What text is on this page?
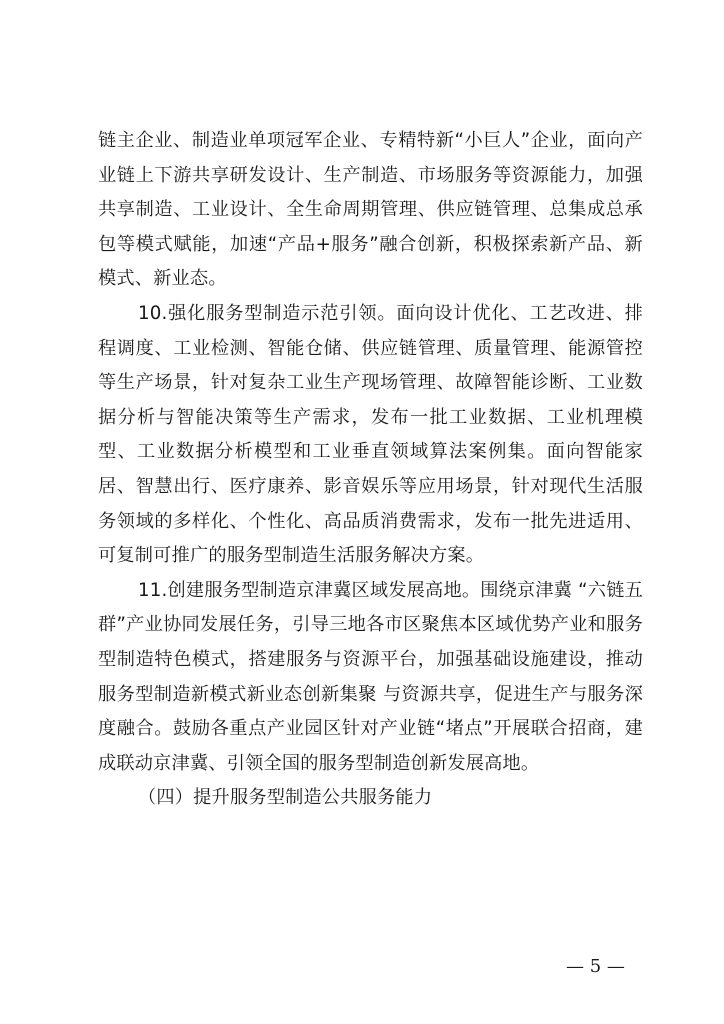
链主企业、制造业单项冠军企业、专精特新“小巨人”企业，面向产业链上下游共享研发设计、生产制造、市场服务等资源能力，加强共享制造、工业设计、全生命周期管理、供应链管理、总集成总承包等模式赋能，加速“产品+服务”融合创新，积极探索新产品、新模式、新业态。

10.强化服务型制造示范引领。面向设计优化、工艺改进、排程调度、工业检测、智能仓储、供应链管理、质量管理、能源管控等生产场景，针对复杂工业生产现场管理、故障智能诊断、工业数据分析与智能决策等生产需求，发布一批工业数据、工业机理模型、工业数据分析模型和工业垂直领域算法案例集。面向智能家居、智慧出行、医疗康养、影音娱乐等应用场景，针对现代生活服务领域的多样化、个性化、高品质消费需求，发布一批先进适用、可复制可推广的服务型制造生活服务解决方案。

11.创建服务型制造京津冀区域发展高地。围绕京津冀 “六链五群”产业协同发展任务，引导三地各市区聚焦本区域优势产业和服务型制造特色模式，搭建服务与资源平台，加强基础设施建设，推动服务型制造新模式新业态创新集聚 与资源共享，促进生产与服务深度融合。鼓励各重点产业园区针对产业链“堵点”开展联合招商，建成联动京津冀、引领全国的服务型制造创新发展高地。

（四）提升服务型制造公共服务能力

— 5 —
